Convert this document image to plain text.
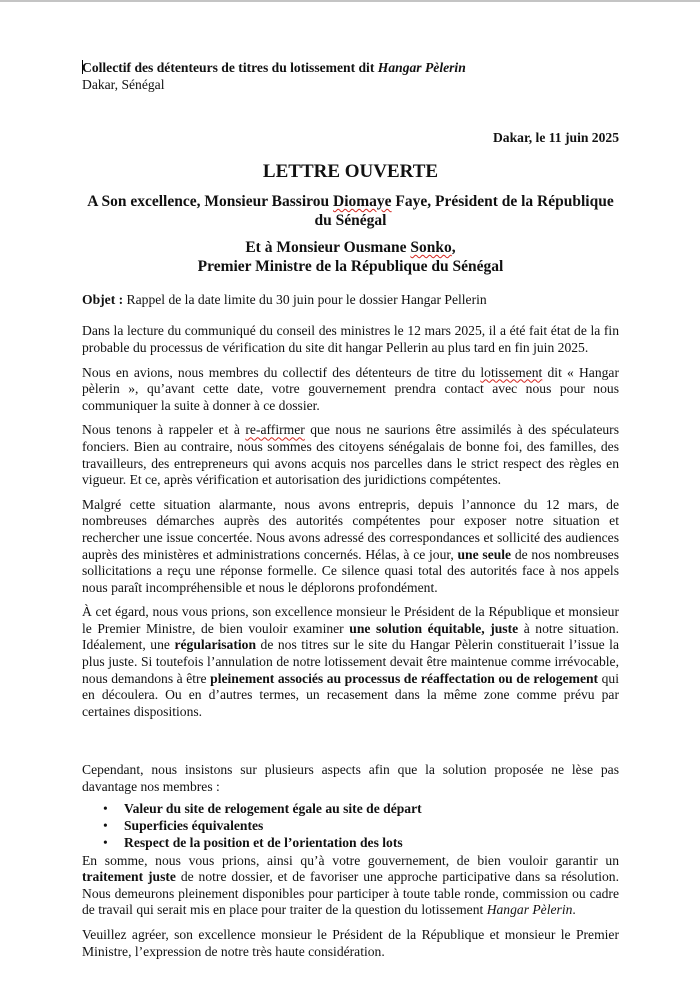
Collectif des détenteurs de titres du lotissement dit Hangar Pèlerin
Dakar, Sénégal
Dakar, le 11 juin 2025
LETTRE OUVERTE
A Son excellence, Monsieur Bassirou Diomaye Faye, Président de la République du Sénégal
Et à Monsieur Ousmane Sonko,
Premier Ministre de la République du Sénégal
Objet : Rappel de la date limite du 30 juin pour le dossier Hangar Pellerin

Dans la lecture du communiqué du conseil des ministres le 12 mars 2025, il a été fait état de la fin probable du processus de vérification du site dit hangar Pellerin au plus tard en fin juin 2025.

Nous en avions, nous membres du collectif des détenteurs de titre du lotissement dit « Hangar pèlerin », qu’avant cette date, votre gouvernement prendra contact avec nous pour nous communiquer la suite à donner à ce dossier.

Nous tenons à rappeler et à re-affirmer que nous ne saurions être assimilés à des spéculateurs fonciers. Bien au contraire, nous sommes des citoyens sénégalais de bonne foi, des familles, des travailleurs, des entrepreneurs qui avons acquis nos parcelles dans le strict respect des règles en vigueur. Et ce, après vérification et autorisation des juridictions compétentes.

Malgré cette situation alarmante, nous avons entrepris, depuis l’annonce du 12 mars, de nombreuses démarches auprès des autorités compétentes pour exposer notre situation et rechercher une issue concertée. Nous avons adressé des correspondances et sollicité des audiences auprès des ministères et administrations concernés. Hélas, à ce jour, une seule de nos nombreuses sollicitations a reçu une réponse formelle. Ce silence quasi total des autorités face à nos appels nous paraît incompréhensible et nous le déplorons profondément.

À cet égard, nous vous prions, son excellence monsieur le Président de la République et monsieur le Premier Ministre, de bien vouloir examiner une solution équitable, juste à notre situation. Idéalement, une régularisation de nos titres sur le site du Hangar Pèlerin constituerait l’issue la plus juste. Si toutefois l’annulation de notre lotissement devait être maintenue comme irrévocable, nous demandons à être pleinement associés au processus de réaffectation ou de relogement qui en découlera. Ou en d’autres termes, un recasement dans la même zone comme prévu par certaines dispositions.

Cependant, nous insistons sur plusieurs aspects afin que la solution proposée ne lèse pas davantage nos membres :

• Valeur du site de relogement égale au site de départ
• Superficies équivalentes
• Respect de la position et de l’orientation des lots

En somme, nous vous prions, ainsi qu’à votre gouvernement, de bien vouloir garantir un traitement juste de notre dossier, et de favoriser une approche participative dans sa résolution. Nous demeurons pleinement disponibles pour participer à toute table ronde, commission ou cadre de travail qui serait mis en place pour traiter de la question du lotissement Hangar Pèlerin.

Veuillez agréer, son excellence monsieur le Président de la République et monsieur le Premier Ministre, l’expression de notre très haute considération.
